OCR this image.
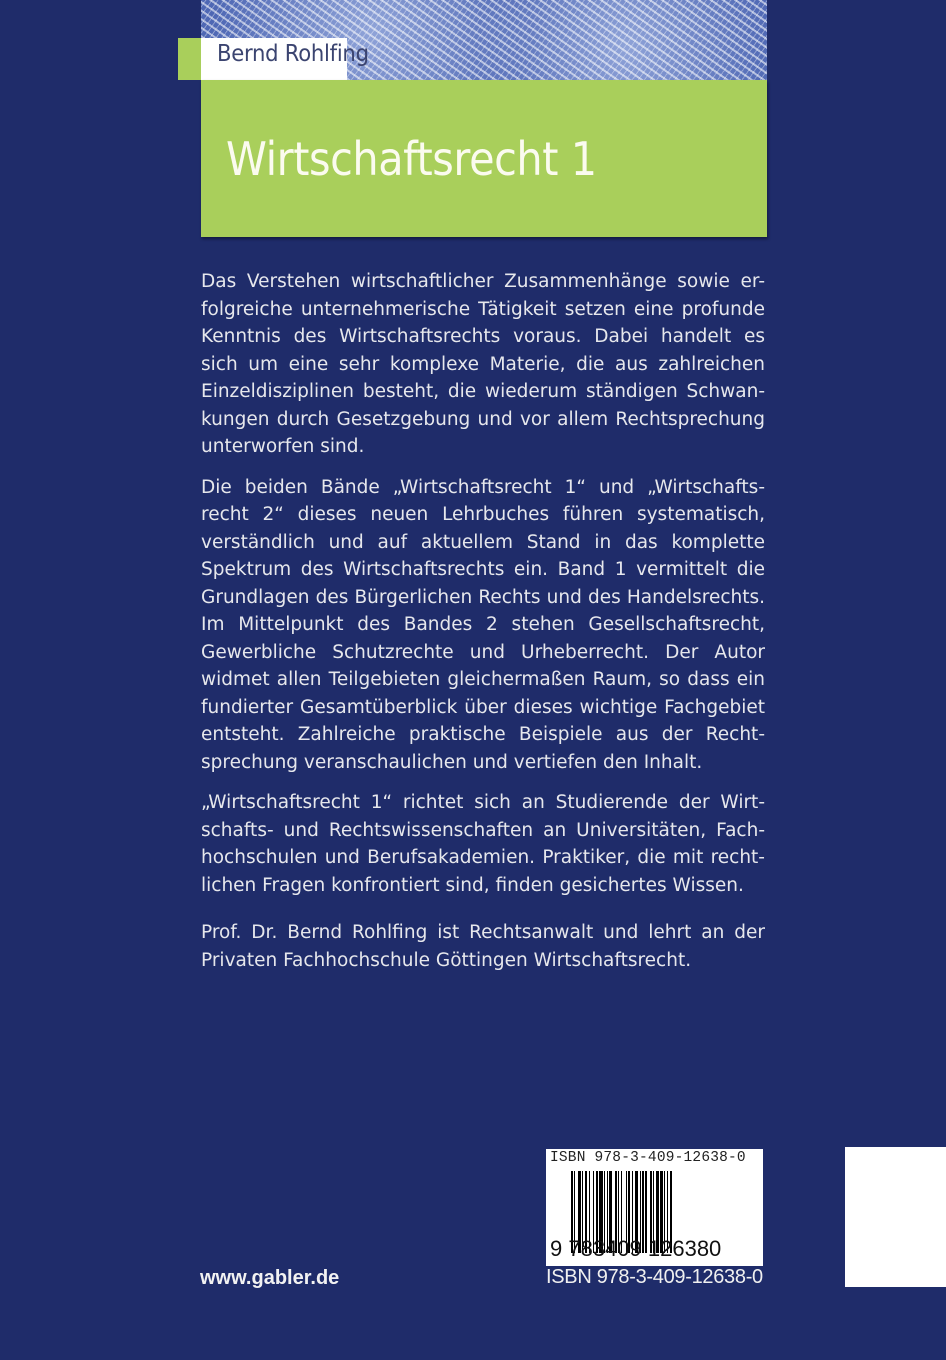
Bernd Rohlfing
Wirtschaftsrecht 1
Das Verstehen wirtschaftlicher Zusammenhänge sowie er-
folgreiche unternehmerische Tätigkeit setzen eine profunde
Kenntnis des Wirtschaftsrechts voraus. Dabei handelt es
sich um eine sehr komplexe Materie, die aus zahlreichen
Einzeldisziplinen besteht, die wiederum ständigen Schwan-
kungen durch Gesetzgebung und vor allem Rechtsprechung
unterworfen sind.
Die beiden Bände „Wirtschaftsrecht 1“ und „Wirtschafts-
recht 2“ dieses neuen Lehrbuches führen systematisch,
verständlich und auf aktuellem Stand in das komplette
Spektrum des Wirtschaftsrechts ein. Band 1 vermittelt die
Grundlagen des Bürgerlichen Rechts und des Handelsrechts.
Im Mittelpunkt des Bandes 2 stehen Gesellschaftsrecht,
Gewerbliche Schutzrechte und Urheberrecht. Der Autor
widmet allen Teilgebieten gleichermaßen Raum, so dass ein
fundierter Gesamtüberblick über dieses wichtige Fachgebiet
entsteht. Zahlreiche praktische Beispiele aus der Recht-
sprechung veranschaulichen und vertiefen den Inhalt.
„Wirtschaftsrecht 1“ richtet sich an Studierende der Wirt-
schafts- und Rechtswissenschaften an Universitäten, Fach-
hochschulen und Berufsakademien. Praktiker, die mit recht-
lichen Fragen konfrontiert sind, finden gesichertes Wissen.
Prof. Dr. Bernd Rohlfing ist Rechtsanwalt und lehrt an der
Privaten Fachhochschule Göttingen Wirtschaftsrecht.
www.gabler.de
ISBN 978-3-409-12638-0
9 783409 126380
ISBN 978-3-409-12638-0
